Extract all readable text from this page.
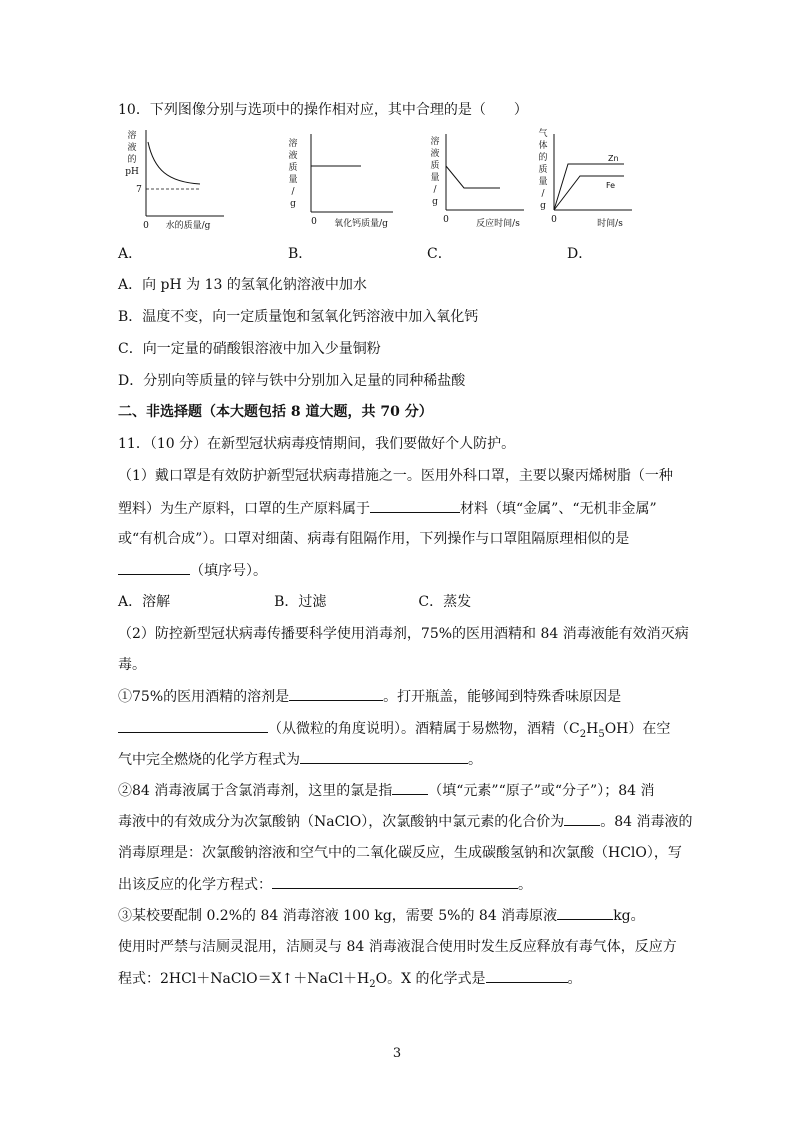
10．下列图像分别与选项中的操作相对应，其中合理的是（　　）
溶
液
的
pH
7
0 水的质量/g
溶
液
质
量
/
g
0 氧化钙质量/g
溶
液
质
量
/
g
0	反应时间/s
气
体
的
质
量
/
g
Zn
Fe
0	时间/s
A．	B．	C．	D．
A．向 pH 为 13 的氢氧化钠溶液中加水
B．温度不变，向一定质量饱和氢氧化钙溶液中加入氧化钙
C．向一定量的硝酸银溶液中加入少量铜粉
D．分别向等质量的锌与铁中分别加入足量的同种稀盐酸
二、非选择题（本大题包括 8 道大题，共 70 分）
11．（10 分）在新型冠状病毒疫情期间，我们要做好个人防护。
（1）戴口罩是有效防护新型冠状病毒措施之一。医用外科口罩，主要以聚丙烯树脂（一种
塑料）为生产原料，口罩的生产原料属于	材料（填“金属”、“无机非金属”
或“有机合成”）。口罩对细菌、病毒有阻隔作用，下列操作与口罩阻隔原理相似的是
（填序号）。
A．溶解	B．过滤	C．蒸发
（2）防控新型冠状病毒传播要科学使用消毒剂，75%的医用酒精和 84 消毒液能有效消灭病
毒。
①75%的医用酒精的溶剂是	。打开瓶盖，能够闻到特殊香味原因是
（从微粒的角度说明）。酒精属于易燃物，酒精$(C_2H_5OH)$在空
气中完全燃烧的化学方程式为	。
②84 消毒液属于含氯消毒剂，这里的氯是指	（填“元素”“原子”或“分子”）；84 消
毒液中的有效成分为次氯酸钠（NaClO），次氯酸钠中氯元素的化合价为	。84 消毒液的
消毒原理是：次氯酸钠溶液和空气中的二氧化碳反应，生成碳酸氢钠和次氯酸（HClO），写
出该反应的化学方程式：	。
③某校要配制 0.2%的 84 消毒溶液 100 kg，需要 5%的 84 消毒原液	kg。
使用时严禁与洁厕灵混用，洁厕灵与 84 消毒液混合使用时发生反应释放有毒气体，反应方
程式：$2HCl+NaClO=X↑+NaCl+H_2O$。X 的化学式是	。
3
